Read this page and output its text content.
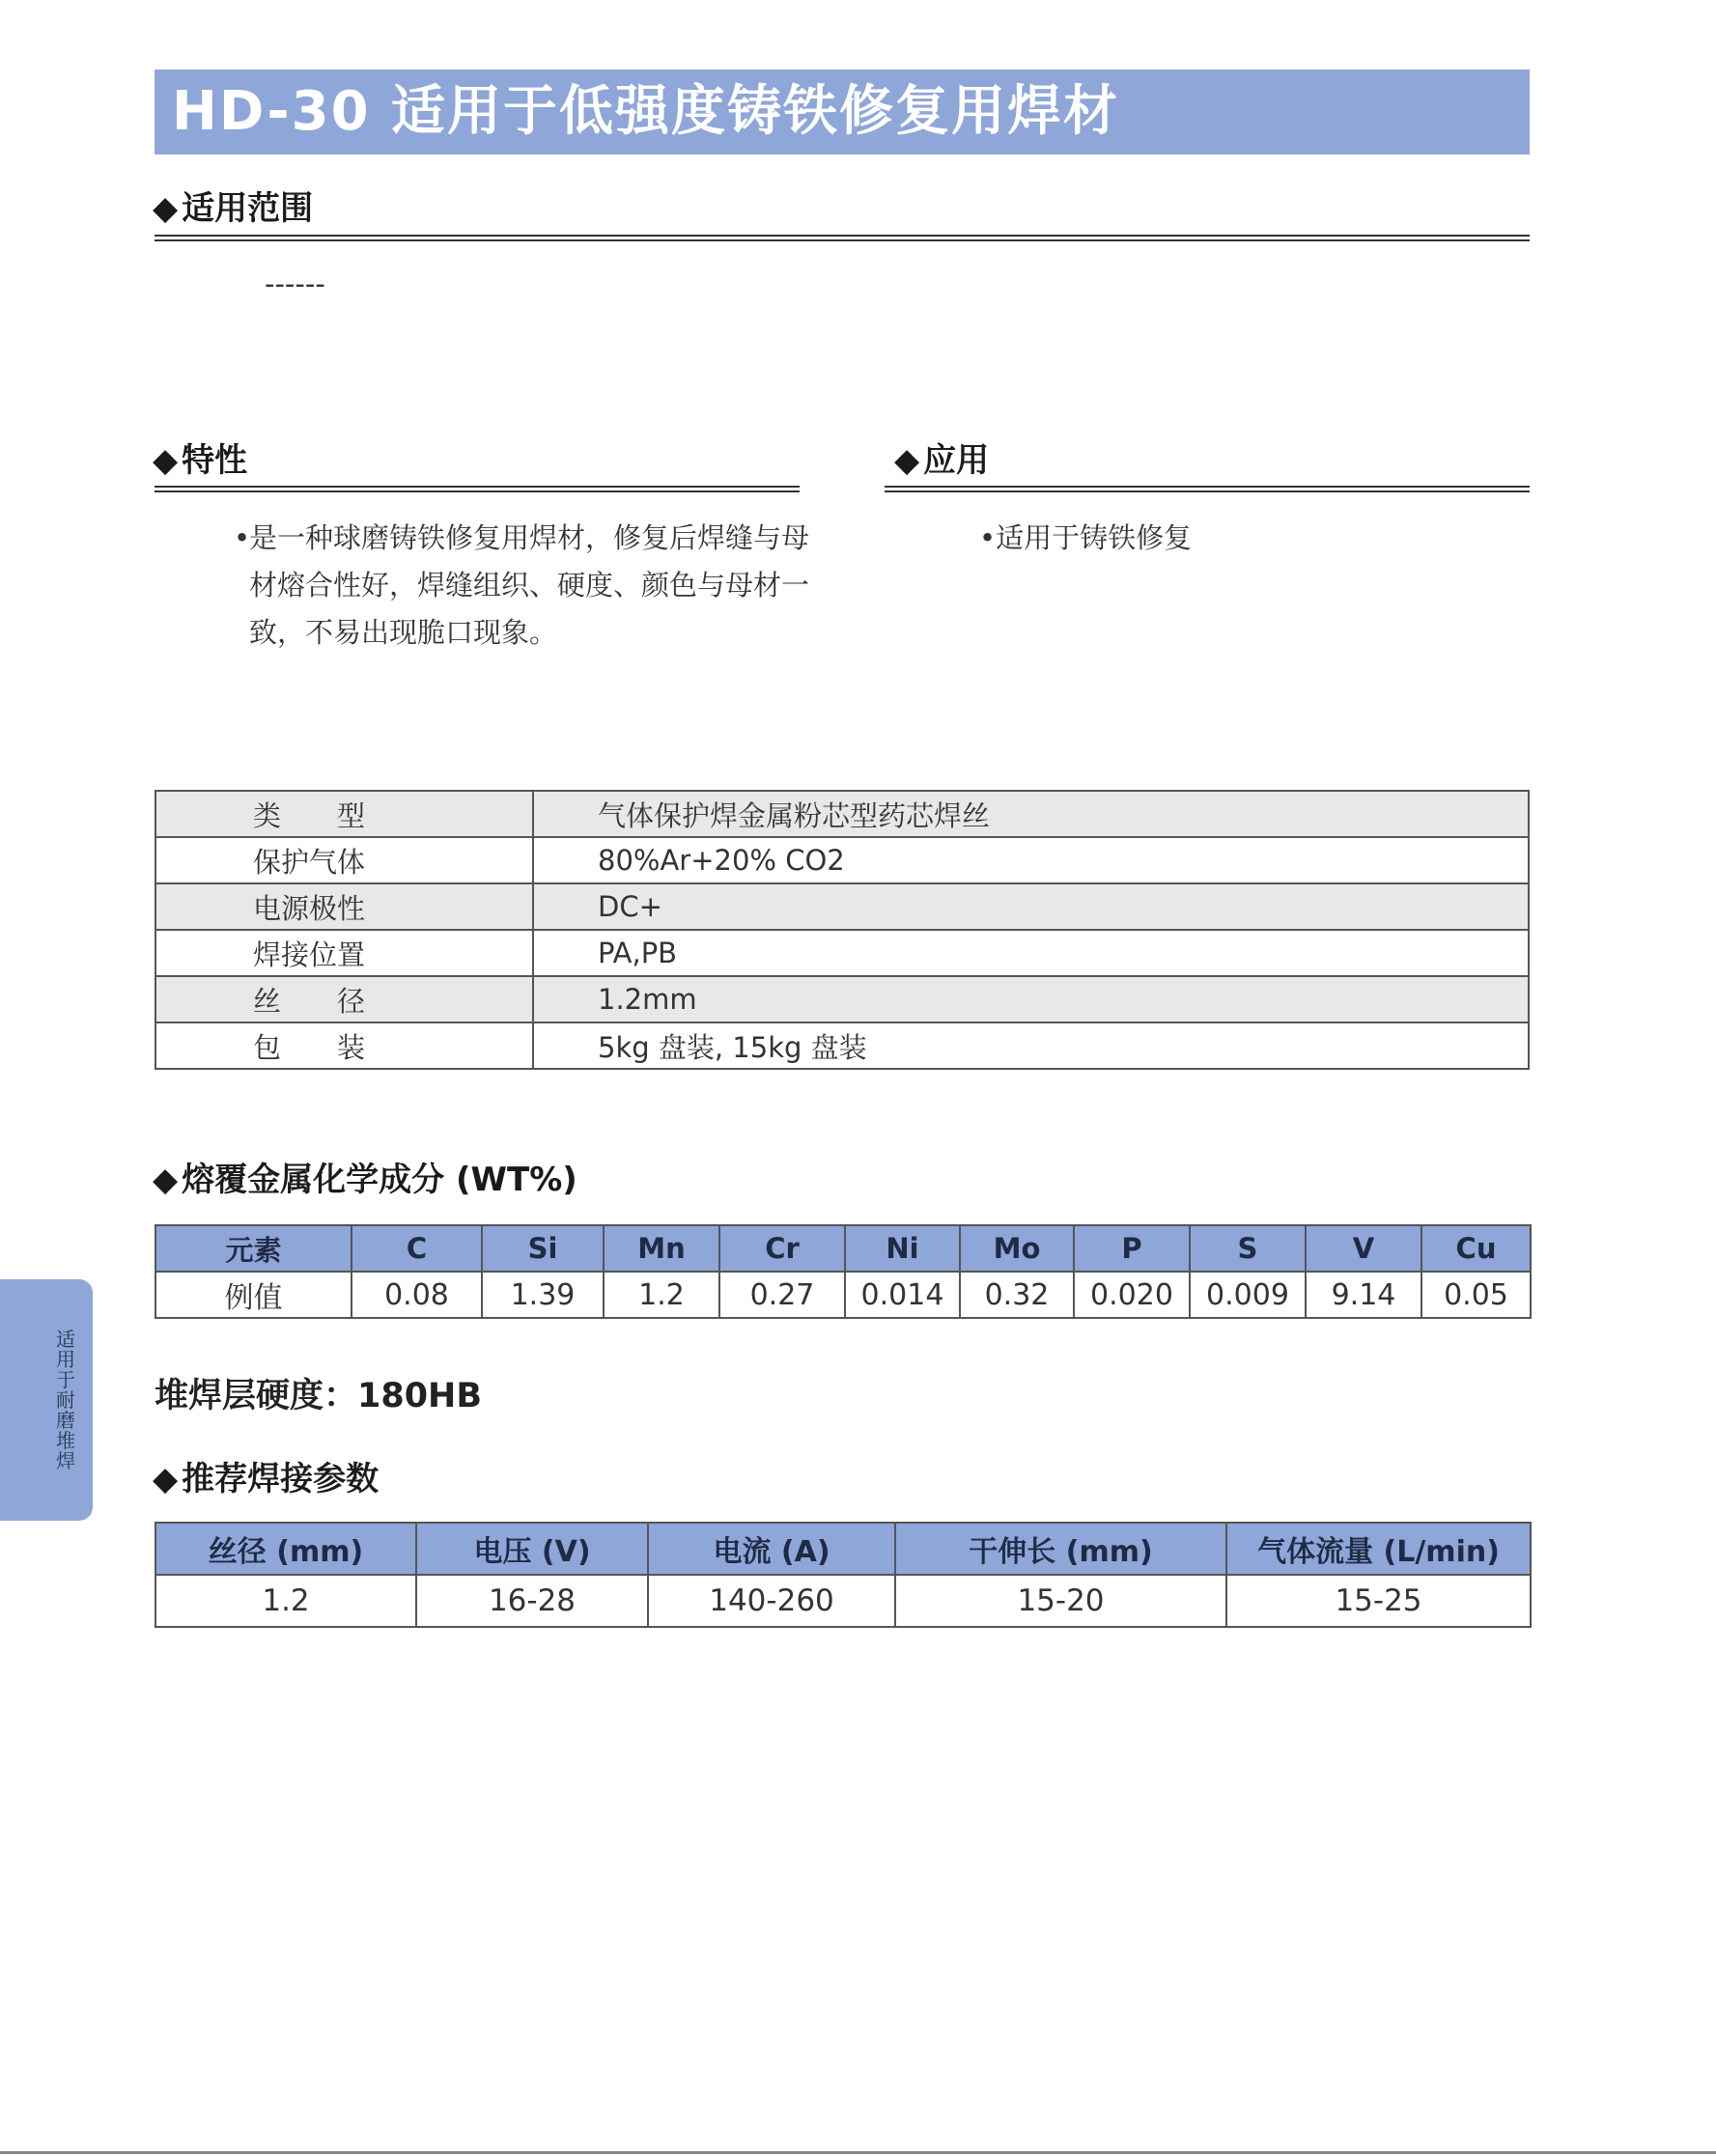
HD-30 适用于低强度铸铁修复用焊材
◆ 适用范围
------
◆ 特性
•
是一种球磨铸铁修复用焊材，修复后焊缝与母材熔合性好，焊缝组织、硬度、颜色与母材一致，不易出现脆口现象。
◆ 应用
•适用于铸铁修复
类　　型	气体保护焊金属粉芯型药芯焊丝
保护气体	80%Ar+20% CO2
电源极性	DC+
焊接位置	PA,PB
丝　　径	1.2mm
包　　装	5kg 盘装, 15kg 盘装
◆ 熔覆金属化学成分 (WT%)
元素	C	Si	Mn	Cr	Ni	Mo	P	S	V	Cu
例值	0.08	1.39	1.2	0.27	0.014	0.32	0.020	0.009	9.14	0.05
堆焊层硬度：180HB
◆ 推荐焊接参数
丝径 (mm)	电压 (V)	电流 (A)	干伸长 (mm)	气体流量 (L/min)
1.2	16-28	140-260	15-20	15-25
适用于耐磨堆焊
